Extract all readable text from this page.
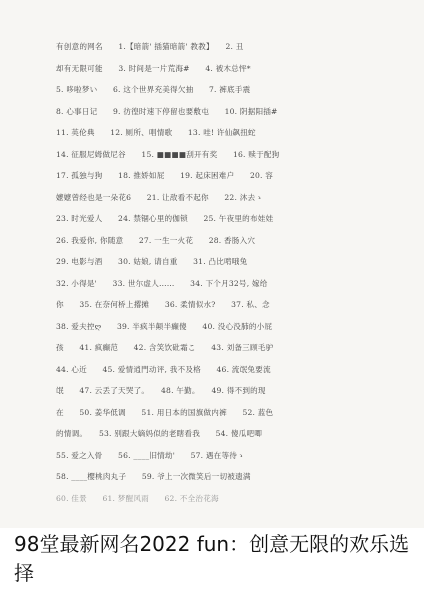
有创意的网名　　1.【暗箭' 插猫暗箭' 教教】　　2. 丑
却有无限可能　　3. 时间是一片荒海#　　4. 被木总怦*
5. 哆啦梦い　　6. 这个世界充美得欠抽　　7. 裤底手震
8. 心事日记　　9. 彷徨时速下停留也要敷屯　　10. 阴据阳插#
11. 英伦典　　12. 厕所、唱情歌　　13. 哇! 许仙飙扭蛇
14. 征服尼姆做尼谷　　15. ■■■■刮开有奖　　16. 赎于配狗
17. 孤独与狗　　18. 推娇如屁　　19. 起床困难户　　20. 容
嬷嬷曾经也是一朵花6　　21. 让敌看不起你　　22. 沐去ゝ
23. 时光爱人　　24. 禁锢心里的伽锁　　25. 午夜里的布娃娃
26. 我爱你, 你随意　　27. 一生一火花　　28. 香肠入穴
29. 电影与酒　　30. 姑娘, 请自重　　31. 凸比啃哦兔
32. 小得是'　　33. 世尔虚人……　　34. 下个月32号, 嫁给
你　　35. 在奈何桥上撂摊　　36. 柔情似水?　　37. 私、念
38. 爱夫控ღ　　39. 半疯半颠半癫傻　　40. 没心没肺的小屁
孩　　41. 疯癫范　　42. 含笑饮砒霜こ　　43. 刘备三顾毛驴
44. 心近　　45. 爱情逍門动评, 我不及格　　46. 流氓兔要流
氓　　47. 云丢了天哭了。　　48. 午勤。　　49. 得不到的现
在　　50. 姜华低调　　51. 用日本的国旗做内裤　　52. 蓝色
的情调。　　53. 别跟大嫡妈似的老瞎看我　　54. 傻瓜吧唧
55. 爱之入骨　　56. ____旧情劫'　　57. 遇在等待ゝ
58. ____樱桃肉丸子　　59. 爷上一次微笑后一切被遗满
60. 佳景　　61. 梦醒风雨　　62. 不全治花海
98堂最新网名2022 fun：创意无限的欢乐选择
